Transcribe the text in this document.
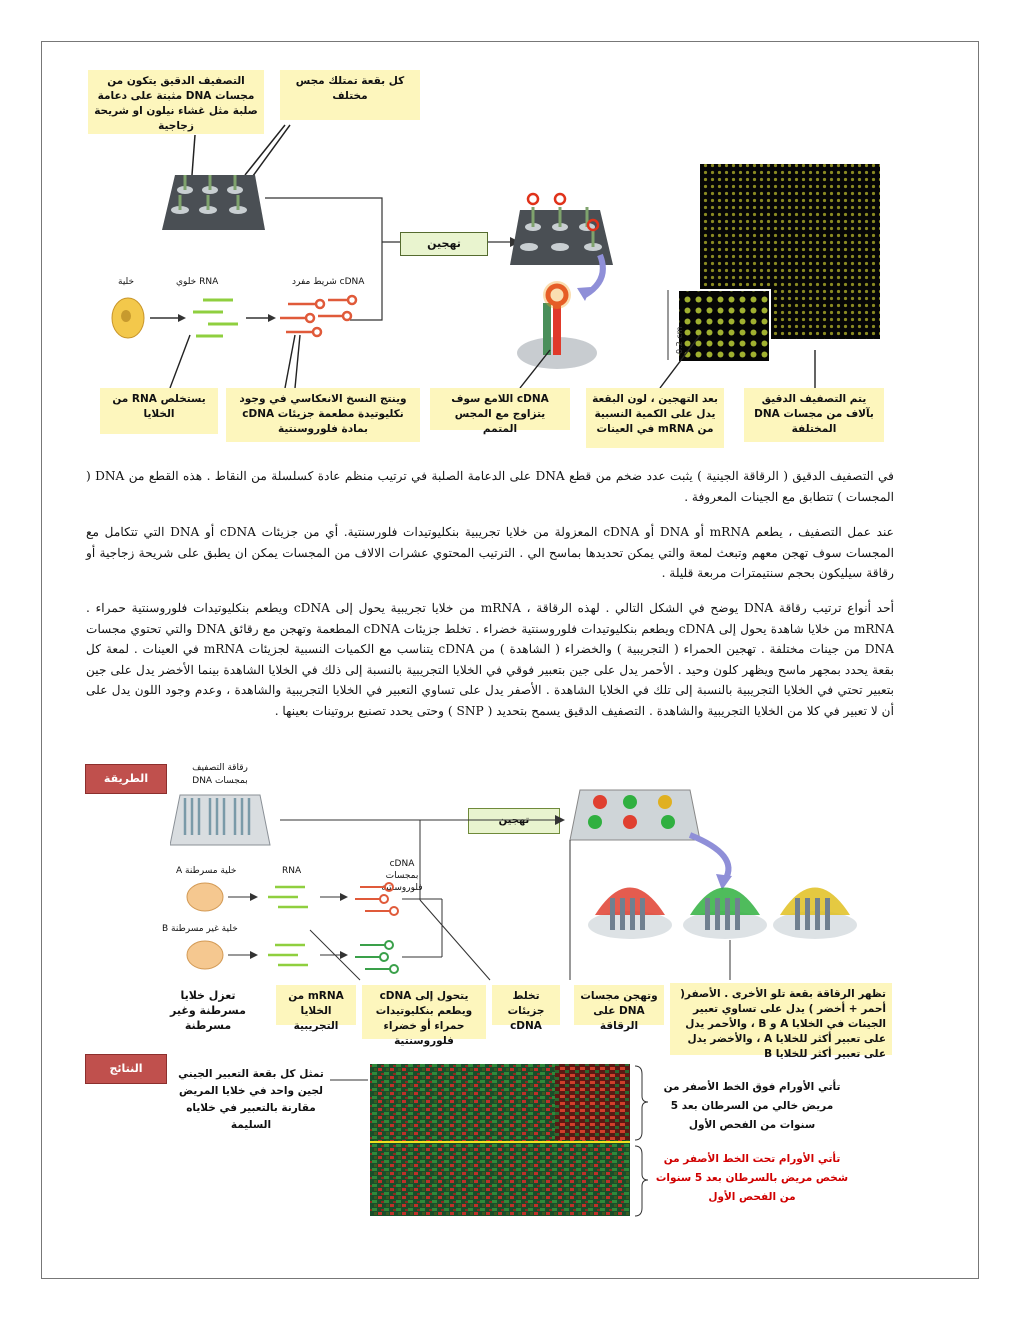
التصفيف الدقيق يتكون من مجسات DNA مثبتة على دعامة صلبة مثل غشاء نيلون او شريحة زجاجية
كل بقعة تمتلك مجس مختلف
تهجين
خلية	RNA خلوي	cDNA شريط مفرد
0.2 cm
يستخلص RNA من الخلايا
وينتج النسخ الانعكاسي في وجود نكليوتيدة مطعمة جزيئات cDNA بمادة فلوروسنتية
cDNA اللامع سوف يتزاوج مع المجس المتمم
بعد التهجين ، لون البقعة يدل على الكمية النسبية من mRNA في العينات
يتم التصفيف الدقيق بآلاف من مجسات DNA المختلفة
في التصفيف الدقيق ( الرقاقة الجينية ) يثبت عدد ضخم من قطع DNA على الدعامة الصلبة في ترتيب منظم عادة كسلسلة من النقاط . هذه القطع من DNA ( المجسات ) تتطابق مع الجينات المعروفة .
عند عمل التصفيف ، يطعم mRNA أو DNA أو cDNA المعزولة من خلايا تجريبية بنكليوتيدات فلورسنتية. أي من جزيئات cDNA أو DNA التي تتكامل مع المجسات سوف تهجن معهم وتبعث لمعة والتي يمكن تحديدها بماسح الي . الترتيب المحتوي عشرات الالاف من المجسات يمكن ان يطبق على شريحة زجاجية أو رقاقة سيليكون بحجم سنتيمترات مربعة قليلة .
أحد أنواع ترتيب رقاقة DNA يوضح في الشكل التالي . لهذه الرقاقة ، mRNA من خلايا تجريبية يحول إلى cDNA ويطعم بنكليوتيدات فلوروسنتية حمراء . mRNA من خلايا شاهدة يحول إلى cDNA ويطعم بنكليوتيدات فلوروسنتية خضراء . تخلط جزيئات cDNA المطعمة وتهجن مع رقائق DNA والتي تحتوي مجسات DNA من جينات مختلفة . تهجين الحمراء ( التجريبية ) والخضراء ( الشاهدة ) من cDNA يتناسب مع الكميات النسبية لجزيئات mRNA في العينات . لمعة كل بقعة يحدد بمجهر ماسح ويظهر كلون وحيد . الأحمر يدل على جين بتعبير فوقي في الخلايا التجريبية بالنسبة إلى ذلك في الخلايا الشاهدة بينما الأخضر يدل على جين بتعبير تحتي في الخلايا التجريبية بالنسبة إلى تلك في الخلايا الشاهدة . الأصفر يدل على تساوي التعبير في الخلايا التجريبية والشاهدة ، وعدم وجود اللون يدل على أن لا تعبير في كلا من الخلايا التجريبية والشاهدة . التصفيف الدقيق يسمح بتحديد ( SNP ) وحتى يحدد تصنيع بروتينات بعينها .
الطريقة
رقاقة التصفيف بمجسات DNA
تهجين
خلية مسرطنة A
خلية غير مسرطنة B
RNA
cDNA بمجسات فلوروسنتية
تعزل خلايا مسرطنة وغير مسرطنة
mRNA من الخلايا التجريبية
يتحول إلى cDNA ويطعم بنكليوتيدات حمراء أو خضراء فلوروسنتية
تخلط جزيئات cDNA
وتهجن مجسات DNA على الرقاقة
تظهر الرقاقة بقعة تلو الأخرى . الأصفر( أحمر + أخضر ) يدل على تساوي تعبير الجينات في الخلايا A و B ، والأحمر يدل على تعبير أكثر للخلايا A ، والأخضر يدل على تعبير أكثر للخلايا B
النتائج	تمثل كل بقعة التعبير الجيني لجين واحد في خلايا المريض مقارنة بالتعبير في خلاياه السليمة
تأتي الأورام فوق الخط الأصفر من مريض خالي من السرطان بعد 5 سنوات من الفحص الأول
تأتي الأورام تحت الخط الأصفر من شخص مريض بالسرطان بعد 5 سنوات من الفحص الأول
